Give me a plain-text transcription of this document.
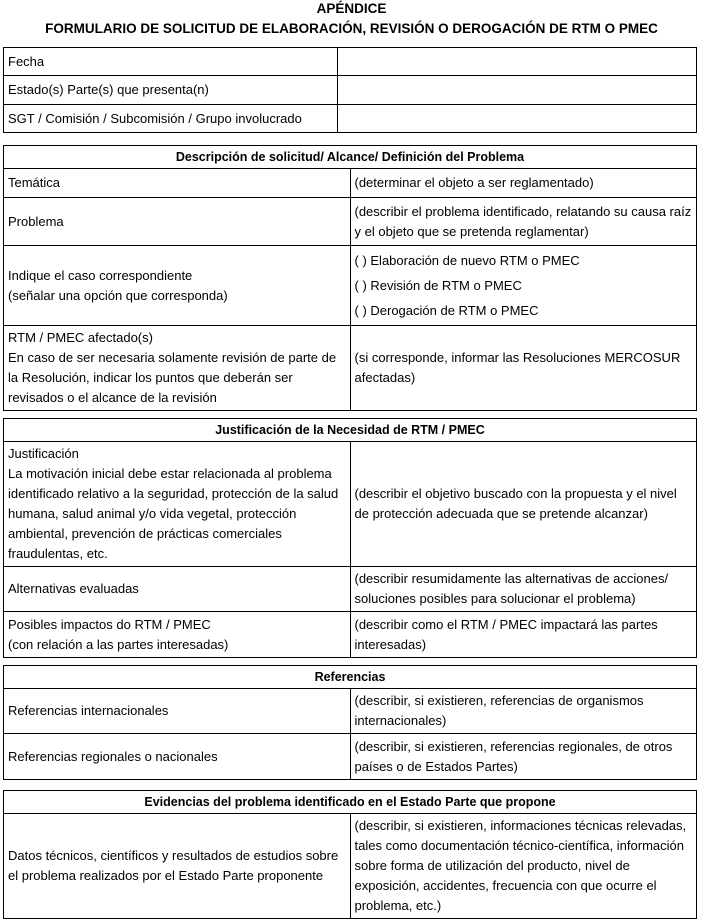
APÉNDICE
FORMULARIO DE SOLICITUD DE ELABORACIÓN, REVISIÓN O DEROGACIÓN DE RTM O PMEC
Fecha	
Estado(s) Parte(s) que presenta(n)	
SGT / Comisión / Subcomisión / Grupo involucrado	
Descripción de solicitud/ Alcance/ Definición del Problema	
Temática	(determinar el objeto a ser reglamentado)
Problema	(describir el problema identificado, relatando su causa raíz y el objeto que se pretenda reglamentar)

Indique el caso correspondiente
(señalar una opción que corresponda)	( ) Elaboración de nuevo RTM o PMEC
( ) Revisión de RTM o PMEC
( ) Derogación de RTM o PMEC

RTM / PMEC afectado(s)
En caso de ser necesaria solamente revisión de parte de la Resolución, indicar los puntos que deberán ser revisados o el alcance de la revisión	(si corresponde, informar las Resoluciones MERCOSUR afectadas)
Justificación de la Necesidad de RTM / PMEC	

Justificación
La motivación inicial debe estar relacionada al problema identificado relativo a la seguridad, protección de la salud humana, salud animal y/o vida vegetal, protección ambiental, prevención de prácticas comerciales fraudulentas, etc.	(describir el objetivo buscado con la propuesta y el nivel de protección adecuada que se pretende alcanzar)
Alternativas evaluadas	(describir resumidamente las alternativas de acciones/ soluciones posibles para solucionar el problema)

Posibles impactos do RTM / PMEC
(con relación a las partes interesadas)	(describir como el RTM / PMEC impactará las partes interesadas)
Referencias	
Referencias internacionales	(describir, si existieren, referencias de organismos internacionales)
Referencias regionales o nacionales	(describir, si existieren, referencias regionales, de otros países o de Estados Partes)
Evidencias del problema identificado en el Estado Parte que propone
Datos técnicos, científicos y resultados de estudios sobre el problema realizados por el Estado Parte proponente	(describir, si existieren, informaciones técnicas relevadas, tales como documentación técnico-científica, información sobre forma de utilización del producto, nivel de exposición, accidentes, frecuencia con que ocurre el problema, etc.)
